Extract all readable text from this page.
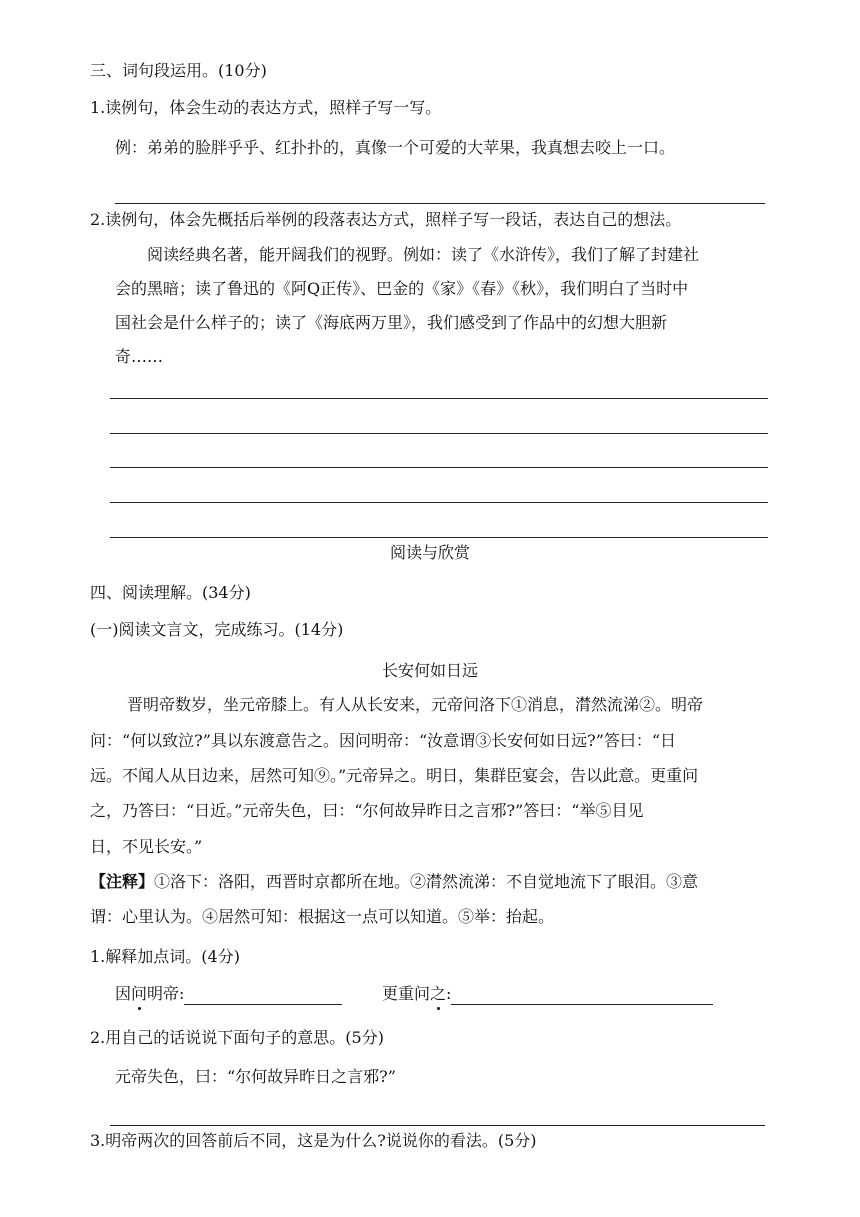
三、词句段运用。(10分)
1.读例句，体会生动的表达方式，照样子写一写。
例：弟弟的脸胖乎乎、红扑扑的，真像一个可爱的大苹果，我真想去咬上一口。
2.读例句，体会先概括后举例的段落表达方式，照样子写一段话，表达自己的想法。
阅读经典名著，能开阔我们的视野。例如：读了《水浒传》，我们了解了封建社
会的黑暗；读了鲁迅的《阿Q正传》、巴金的《家》《春》《秋》，我们明白了当时中
国社会是什么样子的；读了《海底两万里》，我们感受到了作品中的幻想大胆新
奇……
阅读与欣赏
四、阅读理解。(34分)
(一)阅读文言文，完成练习。(14分)
长安何如日远
晋明帝数岁，坐元帝膝上。有人从长安来，元帝问洛下①消息，潸然流涕②。明帝
问：“何以致泣?”具以东渡意告之。因问明帝：“汝意谓③长安何如日远?”答曰：“日
远。不闻人从日边来，居然可知⑨。”元帝异之。明日，集群臣宴会，告以此意。更重问
之，乃答曰：“日近。”元帝失色，曰：“尔何故异昨日之言邪?”答曰：“举⑤目见
日，不见长安。”
【注释】①洛下：洛阳，西晋时京都所在地。②潸然流涕：不自觉地流下了眼泪。③意
谓：心里认为。④居然可知：根据这一点可以知道。⑤举：抬起。
1.解释加点词。(4分)
因问明帝:	更重问之:
2.用自己的话说说下面句子的意思。(5分)
元帝失色，曰：“尔何故异昨日之言邪?”
3.明帝两次的回答前后不同，这是为什么?说说你的看法。(5分)
